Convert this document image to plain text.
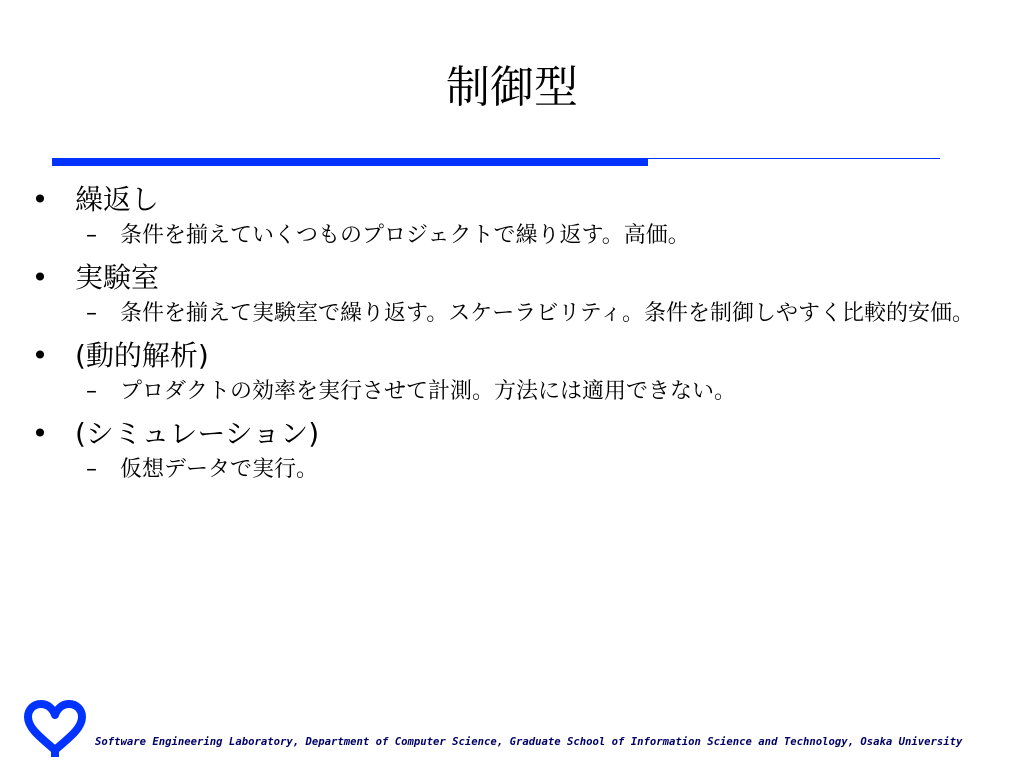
制御型
• 繰返し
– 条件を揃えていくつものプロジェクトで繰り返す。高価。
• 実験室
– 条件を揃えて実験室で繰り返す。スケーラビリティ。条件を制御しやすく比較的安価。
• (動的解析)
– プロダクトの効率を実行させて計測。方法には適用できない。
• (シミュレーション)
– 仮想データで実行。
Software Engineering Laboratory, Department of Computer Science, Graduate School of Information Science and Technology, Osaka University
